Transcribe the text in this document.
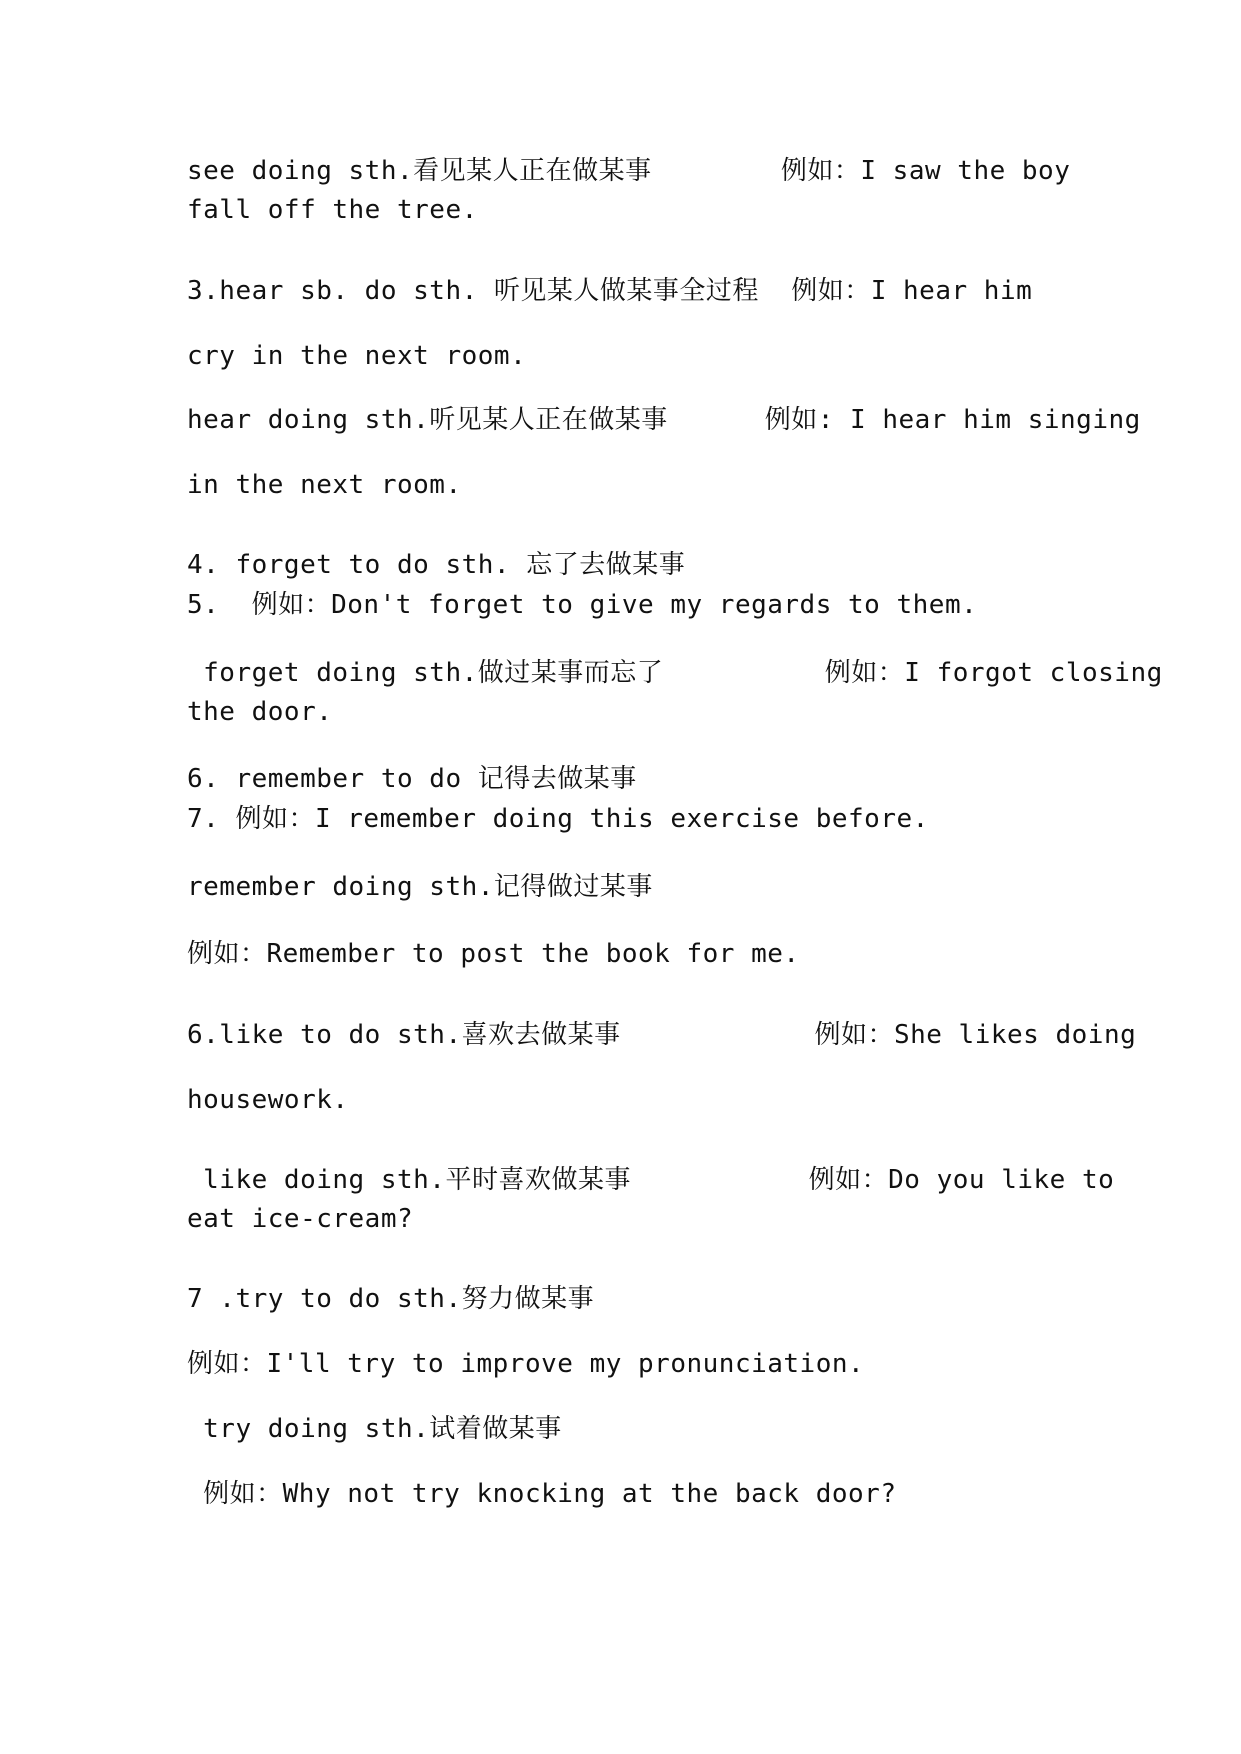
see doing sth.看见某人正在做某事        例如：I saw the boy
fall off the tree.
3.hear sb. do sth. 听见某人做某事全过程  例如：I hear him
cry in the next room.
hear doing sth.听见某人正在做某事      例如: I hear him singing
in the next room.
4. forget to do sth. 忘了去做某事
5.  例如：Don't forget to give my regards to them.
forget doing sth.做过某事而忘了          例如：I forgot closing
the door.
6. remember to do 记得去做某事
7. 例如：I remember doing this exercise before.
remember doing sth.记得做过某事
例如：Remember to post the book for me.
6.like to do sth.喜欢去做某事            例如：She likes doing
housework.
like doing sth.平时喜欢做某事           例如：Do you like to
eat ice-cream?
7 .try to do sth.努力做某事
例如：I'll try to improve my pronunciation.
try doing sth.试着做某事
例如：Why not try knocking at the back door?
